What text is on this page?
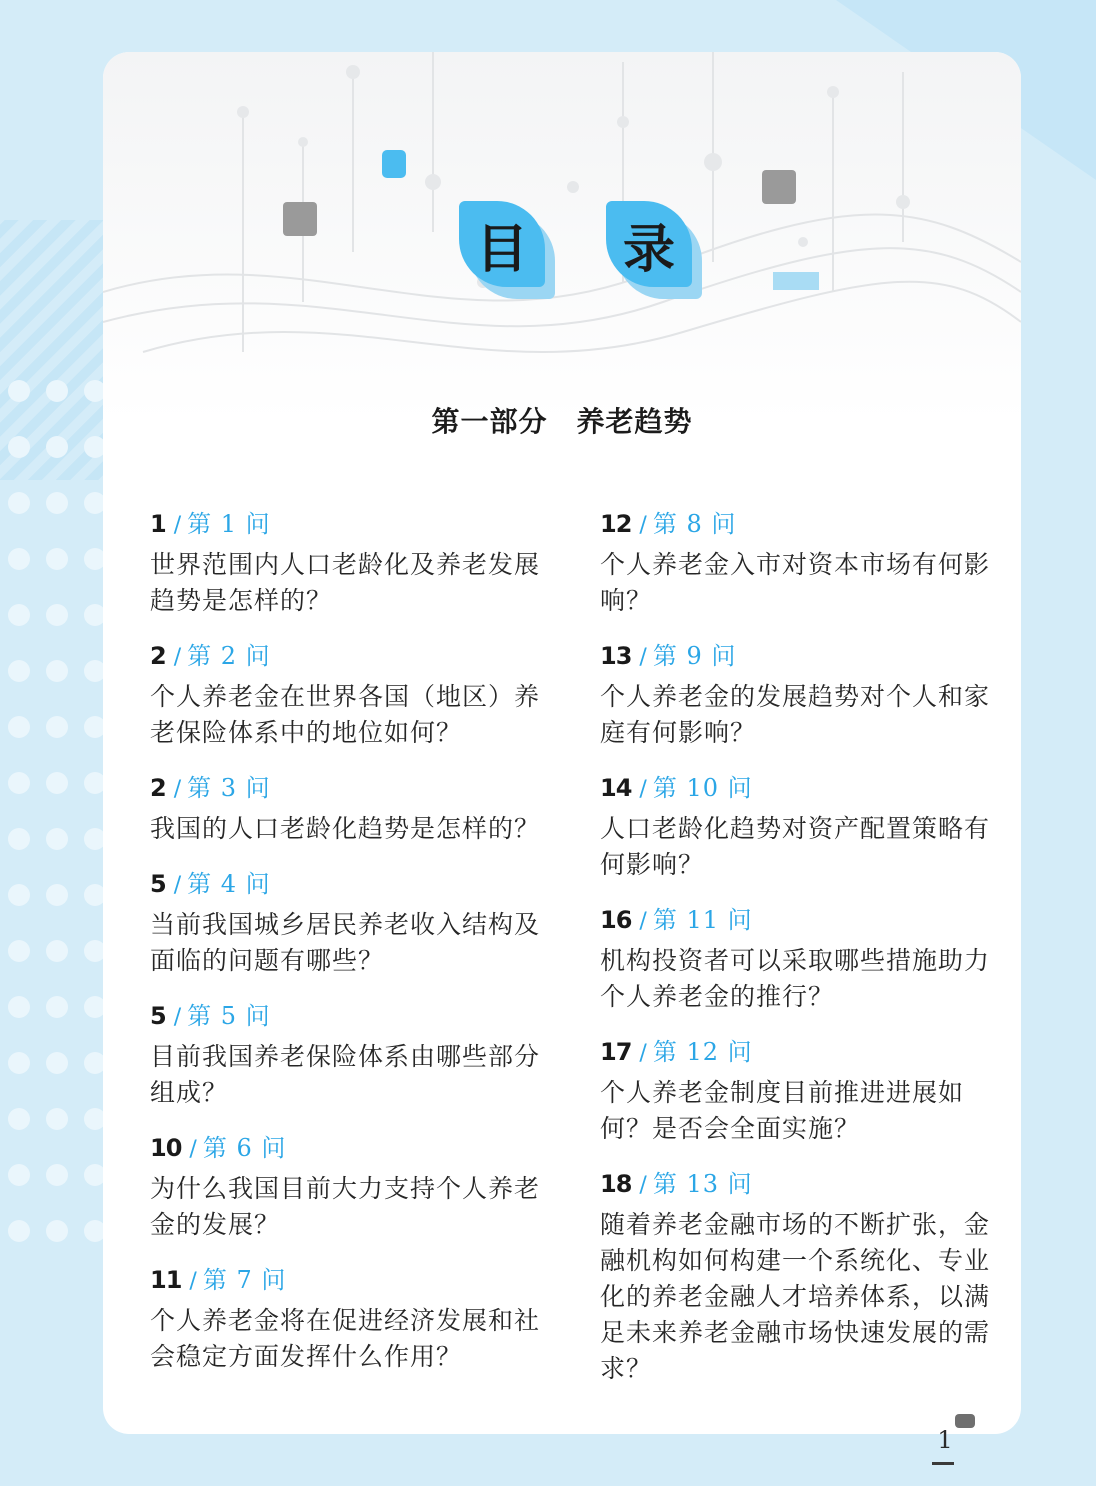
目 录
第一部分　养老趋势
1 / 第 1 问
世界范围内人口老龄化及养老发展趋势是怎样的？
2 / 第 2 问
个人养老金在世界各国（地区）养老保险体系中的地位如何？
2 / 第 3 问
我国的人口老龄化趋势是怎样的？
5 / 第 4 问
当前我国城乡居民养老收入结构及面临的问题有哪些？
5 / 第 5 问
目前我国养老保险体系由哪些部分组成？
10 / 第 6 问
为什么我国目前大力支持个人养老金的发展？
11 / 第 7 问
个人养老金将在促进经济发展和社会稳定方面发挥什么作用？
12 / 第 8 问
个人养老金入市对资本市场有何影响？
13 / 第 9 问
个人养老金的发展趋势对个人和家庭有何影响？
14 / 第 10 问
人口老龄化趋势对资产配置策略有何影响？
16 / 第 11 问
机构投资者可以采取哪些措施助力个人养老金的推行？
17 / 第 12 问
个人养老金制度目前推进进展如何？是否会全面实施？
18 / 第 13 问
随着养老金融市场的不断扩张，金融机构如何构建一个系统化、专业化的养老金融人才培养体系，以满足未来养老金融市场快速发展的需求？
1
